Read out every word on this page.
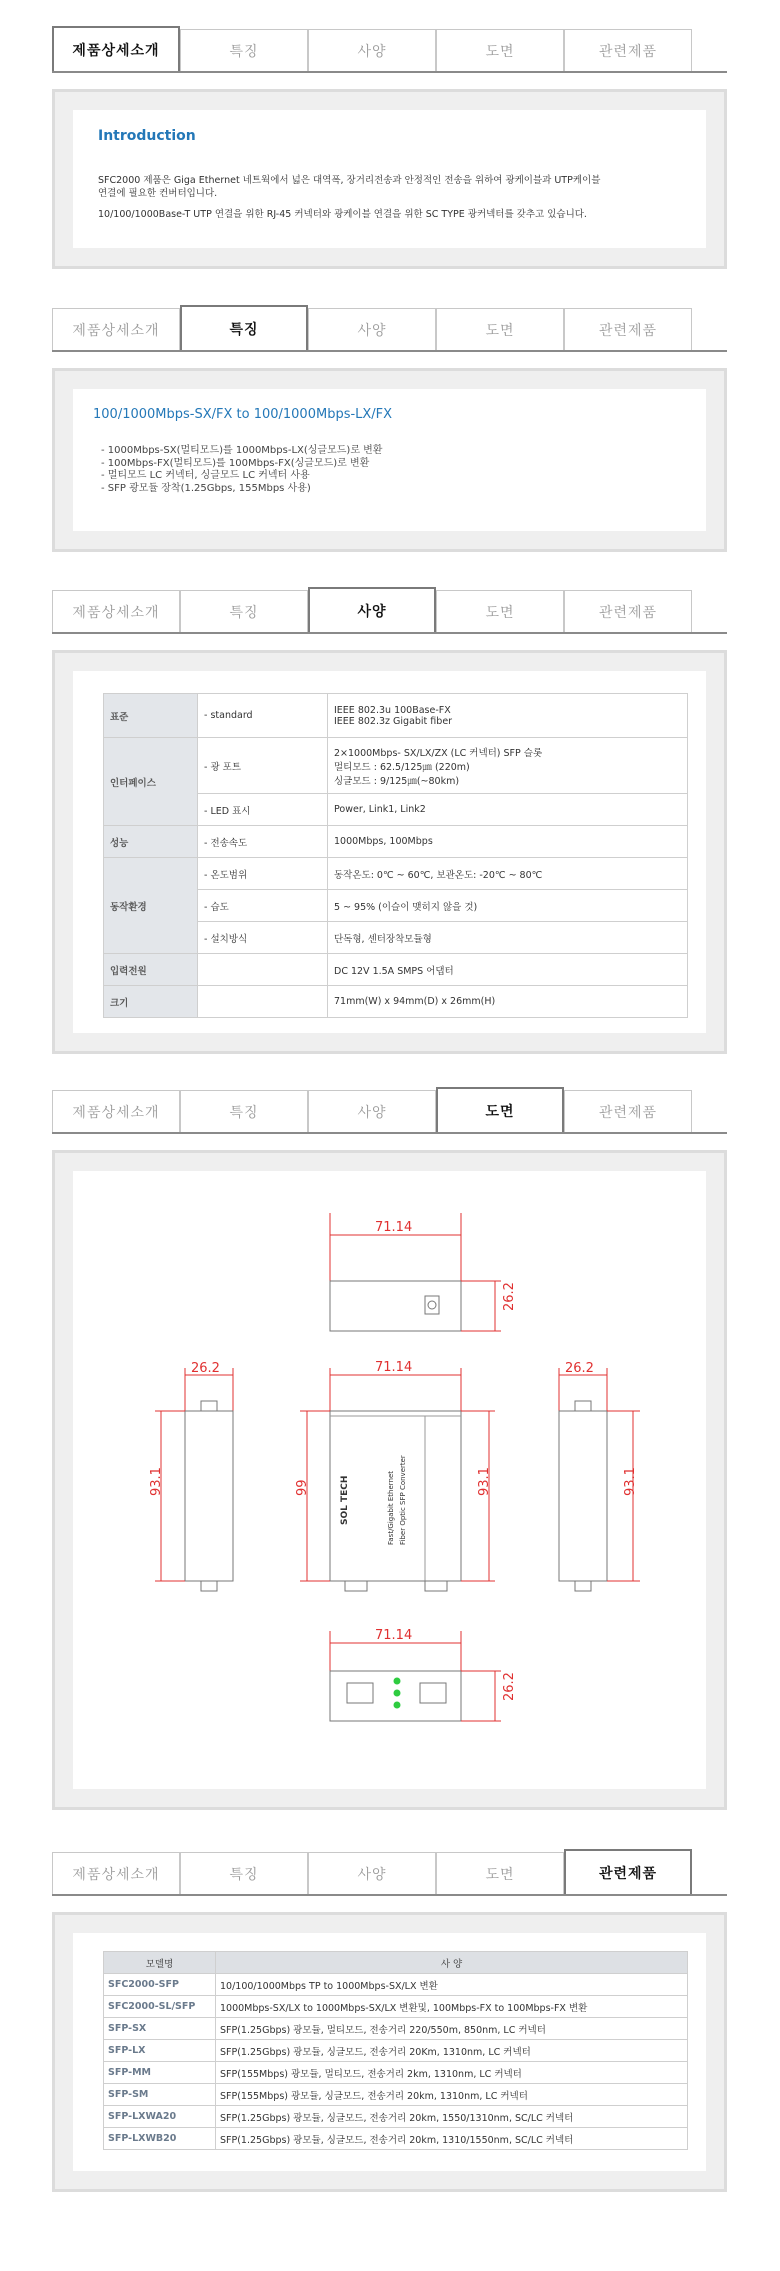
제품상세소개	특징	사양	도면	관련제품
Introduction
SFC2000 제품은 Giga Ethernet 네트웍에서 넓은 대역폭, 장거리전송과 안정적인 전송을 위하여 광케이블과 UTP케이블
연결에 필요한 컨버터입니다.
10/100/1000Base-T UTP 연결을 위한 RJ-45 커넥터와 광케이블 연결을 위한 SC TYPE 광커넥터를 갖추고 있습니다.
제품상세소개	특징	사양	도면	관련제품
100/1000Mbps-SX/FX to 100/1000Mbps-LX/FX
- 1000Mbps-SX(멀티모드)를 1000Mbps-LX(싱글모드)로 변환
- 100Mbps-FX(멀티모드)를 100Mbps-FX(싱글모드)로 변환
- 멀티모드 LC 커넥터, 싱글모드 LC 커넥터 사용
- SFP 광모듈 장착(1.25Gbps, 155Mbps 사용)
제품상세소개	특징	사양	도면	관련제품
표준	- standard	IEEE 802.3u 100Base-FX
IEEE 802.3z Gigabit fiber

인터페이스	- 광 포트	2×1000Mbps- SX/LX/ZX (LC 커넥터) SFP 슬롯
멀티모드 : 62.5/125㎛ (220m)
싱글모드 : 9/125㎛(~80km)

	- LED 표시	Power, Link1, Link2
성능	- 전송속도	1000Mbps, 100Mbps
동작환경	- 온도범위	동작온도: 0℃ ~ 60℃, 보관온도: -20℃ ~ 80℃
	- 습도	5 ~ 95% (이슬이 맺히지 않을 것)
	- 설치방식	단독형, 센터장착모듈형
입력전원		DC 12V 1.5A SMPS 어댑터
크기		71mm(W) x 94mm(D) x 26mm(H)
제품상세소개	특징	사양	도면	관련제품
71.14
26.2
26.2
93.1
71.14
SOL TECH	Fast/Gigabit Ethernet Fiber Optic SFP Converter
99	93.1
26.2
93.1
71.14
26.2
제품상세소개	특징	사양	도면	관련제품
모델명	사 양
SFC2000-SFP	10/100/1000Mbps TP to 1000Mbps-SX/LX 변환
SFC2000-SL/SFP	1000Mbps-SX/LX to 1000Mbps-SX/LX 변환및, 100Mbps-FX to 100Mbps-FX 변환
SFP-SX	SFP(1.25Gbps) 광모듈, 멀티모드, 전송거리 220/550m, 850nm, LC 커넥터
SFP-LX	SFP(1.25Gbps) 광모듈, 싱글모드, 전송거리 20Km, 1310nm, LC 커넥터
SFP-MM	SFP(155Mbps) 광모듈, 멀티모드, 전송거리 2km, 1310nm, LC 커넥터
SFP-SM	SFP(155Mbps) 광모듈, 싱글모드, 전송거리 20km, 1310nm, LC 커넥터
SFP-LXWA20	SFP(1.25Gbps) 광모듈, 싱글모드, 전송거리 20km, 1550/1310nm, SC/LC 커넥터
SFP-LXWB20	SFP(1.25Gbps) 광모듈, 싱글모드, 전송거리 20km, 1310/1550nm, SC/LC 커넥터
